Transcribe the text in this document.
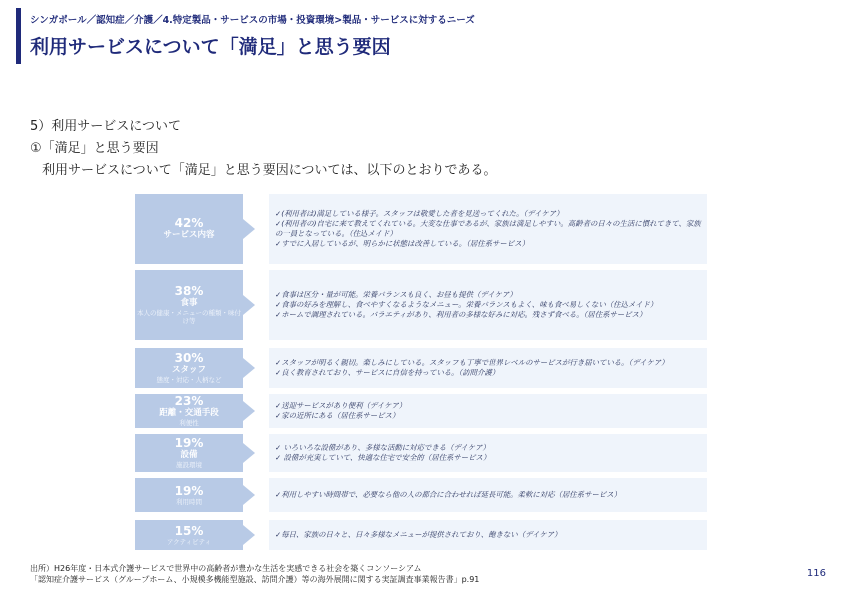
シンガポール／認知症／介護／4.特定製品・サービスの市場・投資環境>製品・サービスに対するニーズ
利用サービスについて「満足」と思う要因
5）利用サービスについて
①「満足」と思う要因
利用サービスについて「満足」と思う要因については、以下のとおりである。
42%
サービス内容
✓(利用者は)満足している様子。スタッフは敬愛した者を見送ってくれた。（デイケア）
✓(利用者の)自宅に来て教えてくれている。大変な仕事であるが、家族は満足しやすい。高齢者の日々の生活に慣れてきて、家族の一員となっている。（住込メイド）
✓すでに入居しているが、明らかに状態は改善している。（居住系サービス）
38%
食事
本人の健康・メニューの種類・味付け等
✓食事は区分・量が可能。栄養バランスも良く、お昼も提供（デイケア）
✓食事の好みを理解し、食べやすくなるようなメニュー。栄養バランスもよく、味も食べ易しくない（住込メイド）
✓ホームで調理されている。バラエティがあり、利用者の多様な好みに対応。残さず食べる。（居住系サービス）
30%
スタッフ
態度・対応・人柄など
✓スタッフが明るく親切。楽しみにしている。スタッフも丁寧で世界レベルのサービスが行き届いている。（デイケア）
✓良く教育されており、サービスに自信を持っている。（訪問介護）
23%
距離・交通手段
利便性
✓送迎サービスがあり便利（デイケア）
✓家の近所にある（居住系サービス）
19%
設備
施設環境
✓ いろいろな設備があり、多様な活動に対応できる（デイケア）
✓ 設備が充実していて、快適な住宅で安全的（居住系サービス）
19%
利用時間
✓利用しやすい時間帯で、必要なら他の人の都合に合わせれば延長可能。柔軟に対応（居住系サービス）
15%
アクティビティ
✓毎日、家族の日々と、日々多様なメニューが提供されており、飽きない（デイケア）
出所）H26年度・日本式介護サービスで世界中の高齢者が豊かな生活を実感できる社会を築くコンソーシアム
「認知症介護サービス（グループホーム、小規模多機能型施設、訪問介護）等の海外展開に関する実証調査事業報告書」p.91
116
